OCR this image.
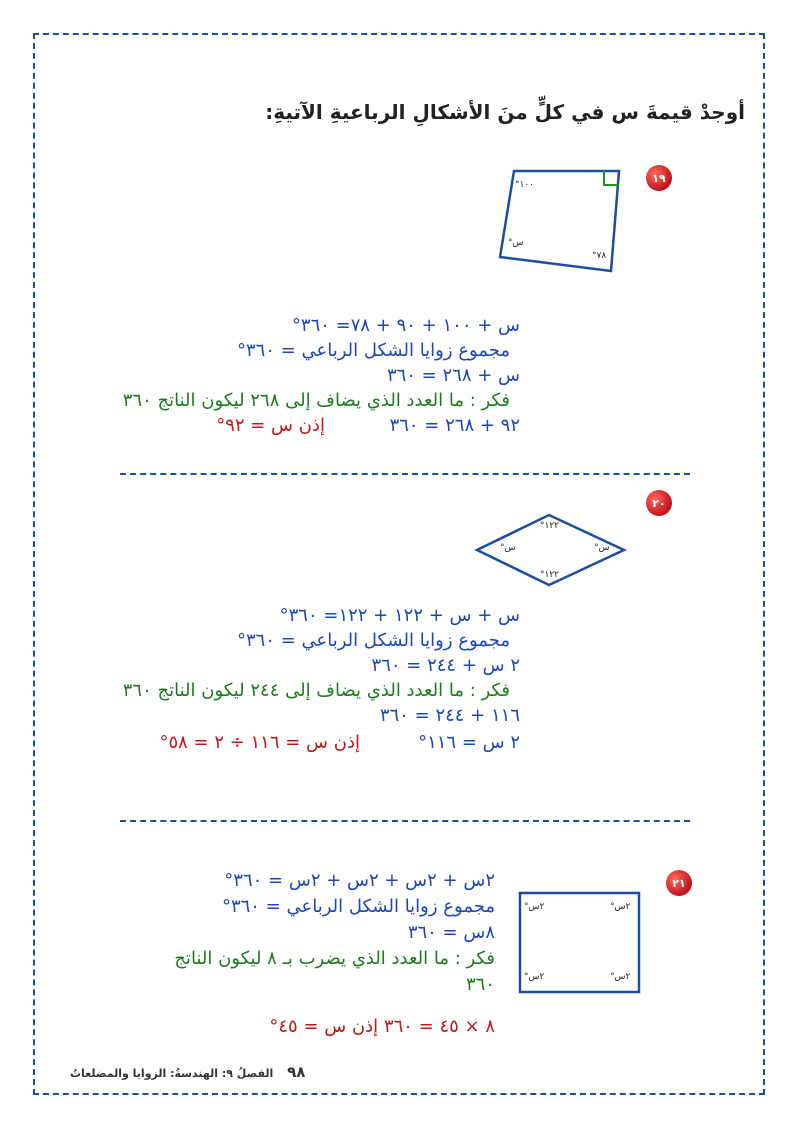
أوجدْ قيمةَ س في كلٍّ منَ الأشكالِ الرباعيةِ الآتيةِ:
١٩
١٠٠°
س°
٧٨°
س + ١٠٠ + ٩٠ + ٧٨= ٣٦٠°
مجموع زوايا الشكل الرباعي = ٣٦٠°
س + ٢٦٨ = ٣٦٠
فكر : ما العدد الذي يضاف إلى ٢٦٨ ليكون الناتج ٣٦٠
٩٢ + ٢٦٨ = ٣٦٠
إذن س = ٩٢°
٢٠
١٢٢°
س°	س°
١٢٢°
س + س + ١٢٢ + ١٢٢= ٣٦٠°
مجموع زوايا الشكل الرباعي = ٣٦٠°
٢ س + ٢٤٤ = ٣٦٠
فكر : ما العدد الذي يضاف إلى ٢٤٤ ليكون الناتج ٣٦٠
١١٦ + ٢٤٤ = ٣٦٠
٢ س = ١١٦°
إذن س = ١١٦ ÷ ٢ = ٥٨°
٢١
٢س°	٢س°
٢س°	٢س°
٢س + ٢س + ٢س + ٢س = ٣٦٠°
مجموع زوايا الشكل الرباعي = ٣٦٠°
٨س = ٣٦٠
فكر : ما العدد الذي يضرب بـ ٨ ليكون الناتج
٣٦٠
٨ × ٤٥ = ٣٦٠ إذن س = ٤٥°
٩٨ الفصلُ ٩: الهندسةُ: الزوايا والمضلعاتُ
